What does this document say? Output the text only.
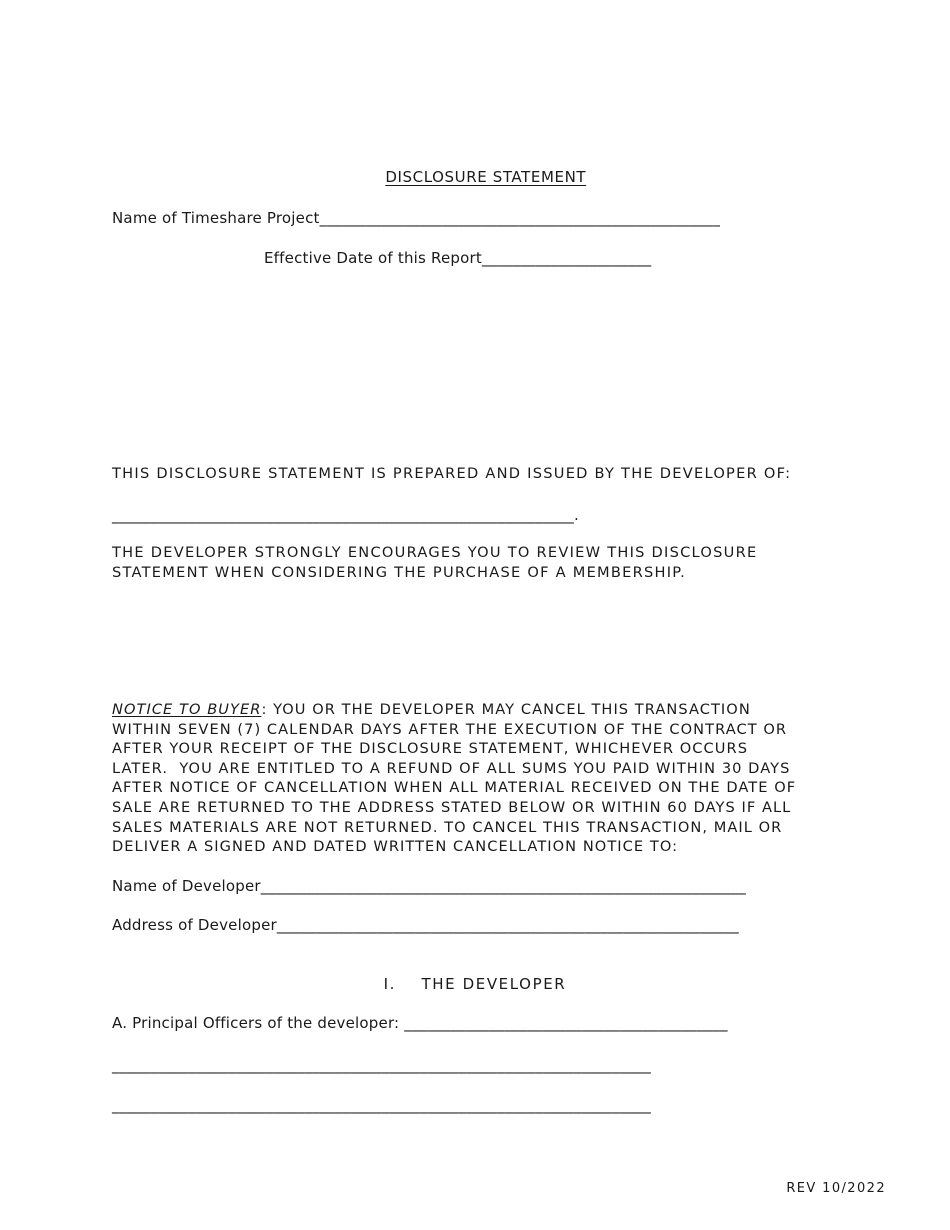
DISCLOSURE STATEMENT

Name of Timeshare Project____________________________________________________
Effective Date of this Report______________________
THIS DISCLOSURE STATEMENT IS PREPARED AND ISSUED BY THE DEVELOPER OF:
____________________________________________________________.
THE DEVELOPER STRONGLY ENCOURAGES YOU TO REVIEW THIS DISCLOSURE
STATEMENT WHEN CONSIDERING THE PURCHASE OF A MEMBERSHIP.
NOTICE TO BUYER: YOU OR THE DEVELOPER MAY CANCEL THIS TRANSACTION
WITHIN SEVEN (7) CALENDAR DAYS AFTER THE EXECUTION OF THE CONTRACT OR
AFTER YOUR RECEIPT OF THE DISCLOSURE STATEMENT, WHICHEVER OCCURS
LATER.  YOU ARE ENTITLED TO A REFUND OF ALL SUMS YOU PAID WITHIN 30 DAYS
AFTER NOTICE OF CANCELLATION WHEN ALL MATERIAL RECEIVED ON THE DATE OF
SALE ARE RETURNED TO THE ADDRESS STATED BELOW OR WITHIN 60 DAYS IF ALL
SALES MATERIALS ARE NOT RETURNED. TO CANCEL THIS TRANSACTION, MAIL OR
DELIVER A SIGNED AND DATED WRITTEN CANCELLATION NOTICE TO:
Name of Developer_______________________________________________________________
Address of Developer____________________________________________________________
I.    THE DEVELOPER
A. Principal Officers of the developer: __________________________________________
______________________________________________________________________
______________________________________________________________________
REV 10/2022
